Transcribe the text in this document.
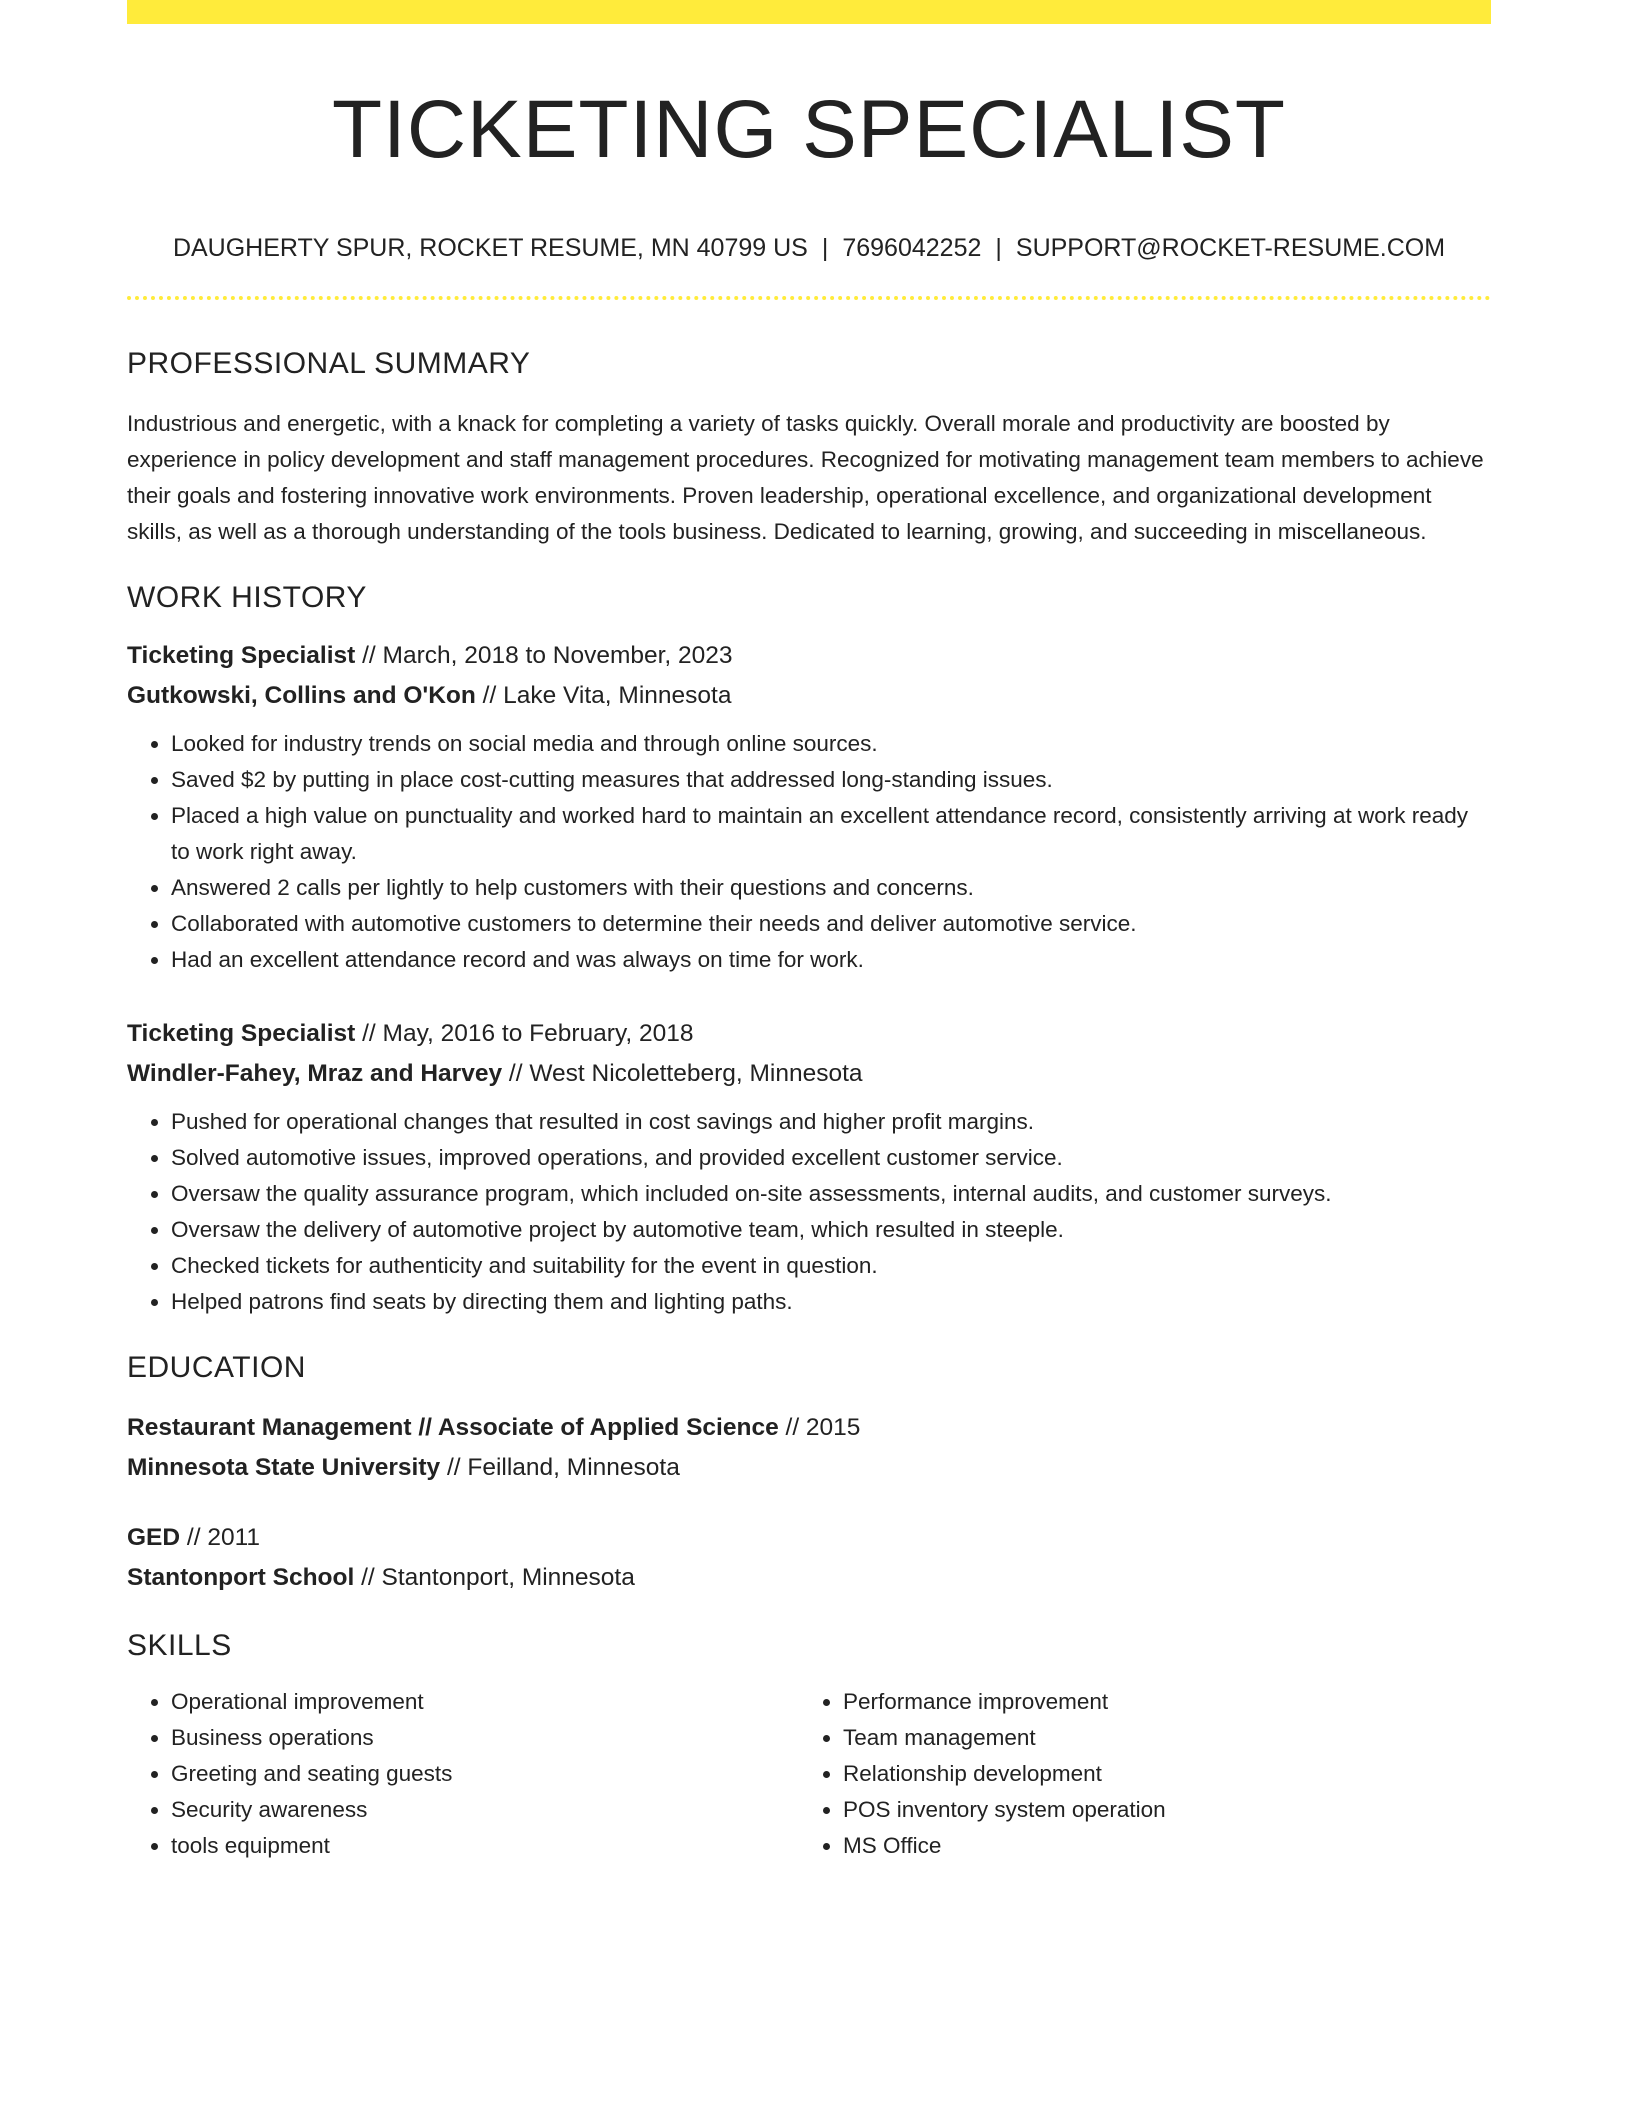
TICKETING SPECIALIST
DAUGHERTY SPUR, ROCKET RESUME, MN 40799 US | 7696042252 | SUPPORT@ROCKET-RESUME.COM
PROFESSIONAL SUMMARY

Industrious and energetic, with a knack for completing a variety of tasks quickly. Overall morale and productivity are boosted by experience in policy development and staff management procedures. Recognized for motivating management team members to achieve their goals and fostering innovative work environments. Proven leadership, operational excellence, and organizational development skills, as well as a thorough understanding of the tools business. Dedicated to learning, growing, and succeeding in miscellaneous.

WORK HISTORY
Ticketing Specialist // March, 2018 to November, 2023
Gutkowski, Collins and O'Kon // Lake Vita, Minnesota
• Looked for industry trends on social media and through online sources.
• Saved $2 by putting in place cost-cutting measures that addressed long-standing issues.
• Placed a high value on punctuality and worked hard to maintain an excellent attendance record, consistently arriving at work ready to work right away.
• Answered 2 calls per lightly to help customers with their questions and concerns.
• Collaborated with automotive customers to determine their needs and deliver automotive service.
• Had an excellent attendance record and was always on time for work.
Ticketing Specialist // May, 2016 to February, 2018
Windler-Fahey, Mraz and Harvey // West Nicoletteberg, Minnesota
• Pushed for operational changes that resulted in cost savings and higher profit margins.
• Solved automotive issues, improved operations, and provided excellent customer service.
• Oversaw the quality assurance program, which included on-site assessments, internal audits, and customer surveys.
• Oversaw the delivery of automotive project by automotive team, which resulted in steeple.
• Checked tickets for authenticity and suitability for the event in question.
• Helped patrons find seats by directing them and lighting paths.
EDUCATION
Restaurant Management // Associate of Applied Science // 2015
Minnesota State University // Feilland, Minnesota
GED // 2011
Stantonport School // Stantonport, Minnesota
SKILLS
• Operational improvement
• Business operations
• Greeting and seating guests
• Security awareness
• tools equipment
• Performance improvement
• Team management
• Relationship development
• POS inventory system operation
• MS Office
